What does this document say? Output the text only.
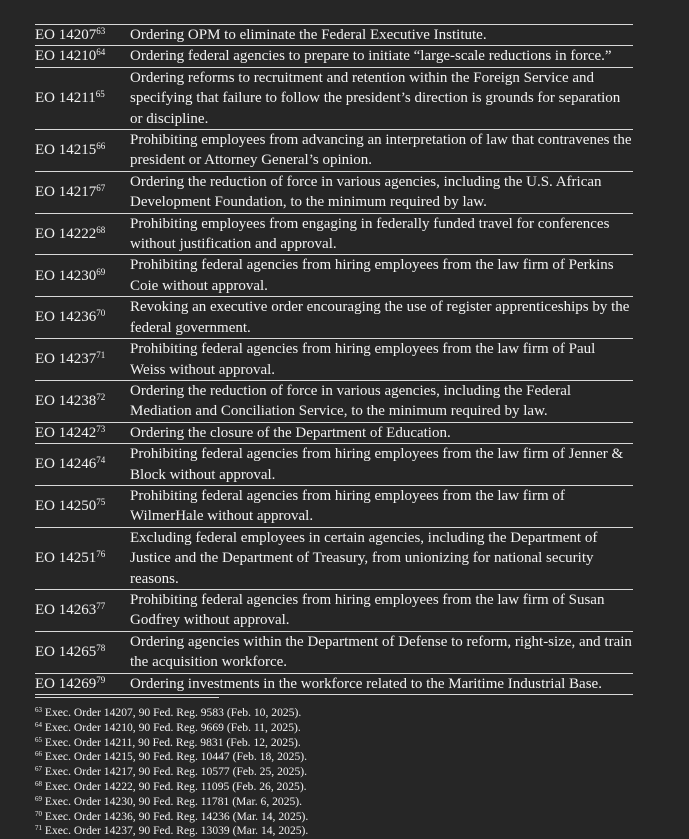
EO 14207$^{63}$	Ordering OPM to eliminate the Federal Executive Institute.
EO 14210$^{64}$	Ordering federal agencies to prepare to initiate “large-scale reductions in force.”
EO 14211$^{65}$	Ordering reforms to recruitment and retention within the Foreign Service and specifying that failure to follow the president’s direction is grounds for separation or discipline.
EO 14215$^{66}$	Prohibiting employees from advancing an interpretation of law that contravenes the president or Attorney General’s opinion.
EO 14217$^{67}$	Ordering the reduction of force in various agencies, including the U.S. African Development Foundation, to the minimum required by law.
EO 14222$^{68}$	Prohibiting employees from engaging in federally funded travel for conferences without justification and approval.
EO 14230$^{69}$	Prohibiting federal agencies from hiring employees from the law firm of Perkins Coie without approval.
EO 14236$^{70}$	Revoking an executive order encouraging the use of register apprenticeships by the federal government.
EO 14237$^{71}$	Prohibiting federal agencies from hiring employees from the law firm of Paul Weiss without approval.
EO 14238$^{72}$	Ordering the reduction of force in various agencies, including the Federal Mediation and Conciliation Service, to the minimum required by law.
EO 14242$^{73}$	Ordering the closure of the Department of Education.
EO 14246$^{74}$	Prohibiting federal agencies from hiring employees from the law firm of Jenner & Block without approval.
EO 14250$^{75}$	Prohibiting federal agencies from hiring employees from the law firm of WilmerHale without approval.
EO 14251$^{76}$	Excluding federal employees in certain agencies, including the Department of Justice and the Department of Treasury, from unionizing for national security reasons.
EO 14263$^{77}$	Prohibiting federal agencies from hiring employees from the law firm of Susan Godfrey without approval.
EO 14265$^{78}$	Ordering agencies within the Department of Defense to reform, right-size, and train the acquisition workforce.
EO 14269$^{79}$	Ordering investments in the workforce related to the Maritime Industrial Base.
$^{63}$ Exec. Order 14207, 90 Fed. Reg. 9583 (Feb. 10, 2025).
$^{64}$ Exec. Order 14210, 90 Fed. Reg. 9669 (Feb. 11, 2025).
$^{65}$ Exec. Order 14211, 90 Fed. Reg. 9831 (Feb. 12, 2025).
$^{66}$ Exec. Order 14215, 90 Fed. Reg. 10447 (Feb. 18, 2025).
$^{67}$ Exec. Order 14217, 90 Fed. Reg. 10577 (Feb. 25, 2025).
$^{68}$ Exec. Order 14222, 90 Fed. Reg. 11095 (Feb. 26, 2025).
$^{69}$ Exec. Order 14230, 90 Fed. Reg. 11781 (Mar. 6, 2025).
$^{70}$ Exec. Order 14236, 90 Fed. Reg. 14236 (Mar. 14, 2025).
$^{71}$ Exec. Order 14237, 90 Fed. Reg. 13039 (Mar. 14, 2025).
